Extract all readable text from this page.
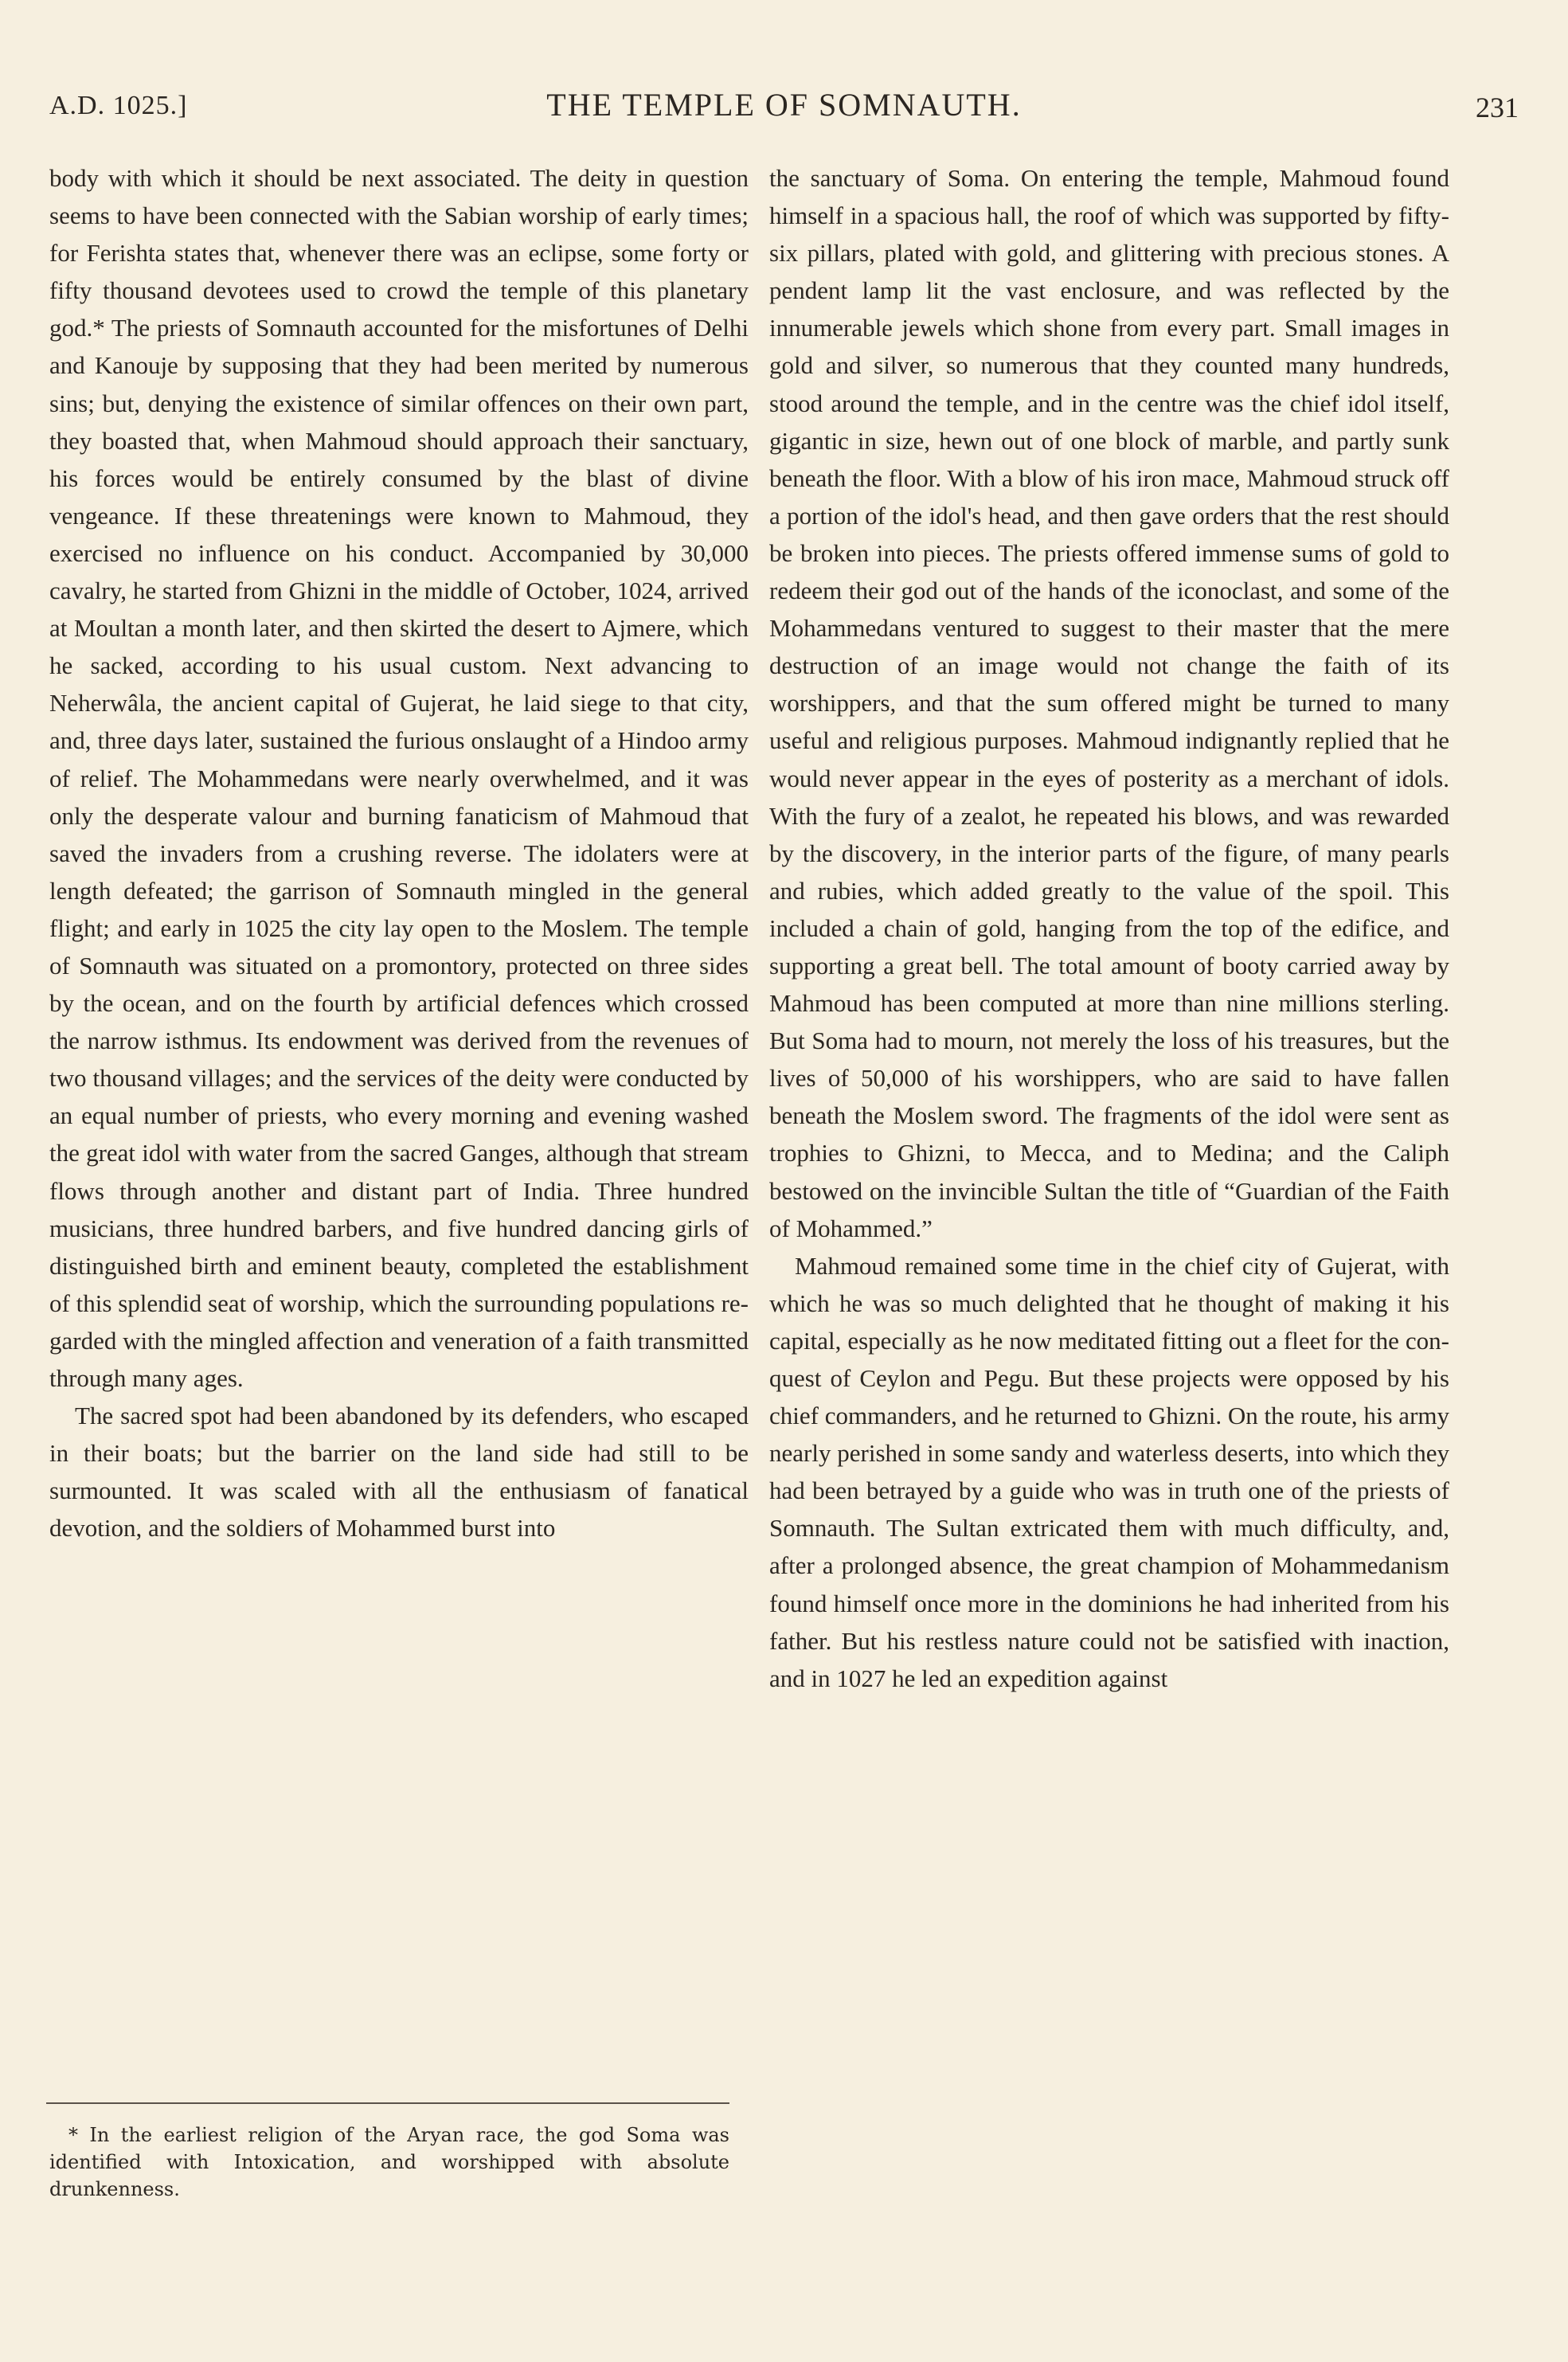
A.D. 1025.]	THE TEMPLE OF SOMNAUTH.	231

body with which it should be next associated. The deity in question seems to have been connected with the Sabian worship of early times; for Ferishta states that, whenever there was an eclipse, some forty or fifty thousand devotees used to crowd the temple of this planetary god.* The priests of Somnauth accounted for the misfortunes of Delhi and Kanouje by supposing that they had been merited by numerous sins; but, denying the existence of similar offences on their own part, they boasted that, when Mahmoud should approach their sanctuary, his forces would be entirely consumed by the blast of divine vengeance. If these threatenings were known to Mahmoud, they exercised no influence on his conduct. Accompanied by 30,000 cavalry, he started from Ghizni in the middle of October, 1024, arrived at Moultan a month later, and then skirted the desert to Ajmere, which he sacked, according to his usual custom. Next advancing to Neherwâla, the ancient capital of Gujerat, he laid siege to that city, and, three days later, sustained the furious onslaught of a Hindoo army of relief. The Mohammedans were nearly overwhelmed, and it was only the desperate valour and burning fanaticism of Mahmoud that saved the invaders from a crushing reverse. The idolaters were at length defeated; the garrison of Somnauth mingled in the general flight; and early in 1025 the city lay open to the Moslem. The temple of Somnauth was situated on a promontory, protected on three sides by the ocean, and on the fourth by artificial defences which crossed the narrow isthmus. Its endowment was derived from the revenues of two thousand villages; and the services of the deity were conducted by an equal number of priests, who every morning and evening washed the great idol with water from the sacred Ganges, although that stream flows through another and distant part of India. Three hundred musicians, three hundred barbers, and five hundred dancing girls of distinguished birth and eminent beauty, completed the establishment of this splendid seat of worship, which the surrounding populations regarded with the mingled affection and veneration of a faith transmitted through many ages.

The sacred spot had been abandoned by its defenders, who escaped in their boats; but the barrier on the land side had still to be surmounted. It was scaled with all the enthusiasm of fanatical devotion, and the soldiers of Mohammed burst into

the sanctuary of Soma. On entering the temple, Mahmoud found himself in a spacious hall, the roof of which was supported by fifty-six pillars, plated with gold, and glittering with precious stones. A pendent lamp lit the vast enclosure, and was reflected by the innumerable jewels which shone from every part. Small images in gold and silver, so numerous that they counted many hundreds, stood around the temple, and in the centre was the chief idol itself, gigantic in size, hewn out of one block of marble, and partly sunk beneath the floor. With a blow of his iron mace, Mahmoud struck off a portion of the idol's head, and then gave orders that the rest should be broken into pieces. The priests offered immense sums of gold to redeem their god out of the hands of the iconoclast, and some of the Mohammedans ventured to suggest to their master that the mere destruction of an image would not change the faith of its worshippers, and that the sum offered might be turned to many useful and religious purposes. Mahmoud indignantly replied that he would never appear in the eyes of posterity as a merchant of idols. With the fury of a zealot, he repeated his blows, and was rewarded by the discovery, in the interior parts of the figure, of many pearls and rubies, which added greatly to the value of the spoil. This included a chain of gold, hanging from the top of the edifice, and supporting a great bell. The total amount of booty carried away by Mahmoud has been computed at more than nine millions sterling. But Soma had to mourn, not merely the loss of his treasures, but the lives of 50,000 of his worshippers, who are said to have fallen beneath the Moslem sword. The fragments of the idol were sent as trophies to Ghizni, to Mecca, and to Medina; and the Caliph bestowed on the invincible Sultan the title of “Guardian of the Faith of Mohammed.”

Mahmoud remained some time in the chief city of Gujerat, with which he was so much delighted that he thought of making it his capital, especially as he now meditated fitting out a fleet for the conquest of Ceylon and Pegu. But these projects were opposed by his chief commanders, and he returned to Ghizni. On the route, his army nearly perished in some sandy and waterless deserts, into which they had been betrayed by a guide who was in truth one of the priests of Somnauth. The Sultan extricated them with much difficulty, and, after a prolonged absence, the great champion of Mohammedanism found himself once more in the dominions he had inherited from his father. But his restless nature could not be satisfied with inaction, and in 1027 he led an expedition against

* In the earliest religion of the Aryan race, the god Soma was identified with Intoxication, and worshipped with absolute drunkenness.
